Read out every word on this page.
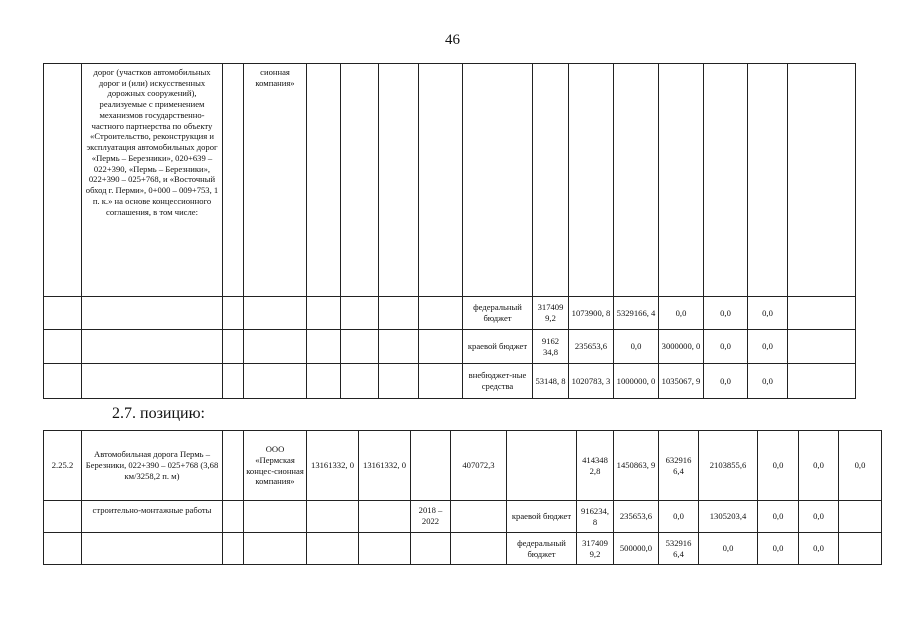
46
	дорог (участков автомобильных дорог и (или) искусственных дорожных сооружений), реализуемые с применением механизмов государственно-частного партнерства по объекту «Строительство, реконструкция и эксплуатация автомобильных дорог «Пермь – Березники», 020+639 – 022+390, «Пермь – Березники», 022+390 – 025+768, и «Восточный обход г. Перми», 0+000 – 009+753, 1 п. к.» на основе концессионного соглашения, в том числе:		сионная компания»												
								федеральный бюджет	317409 9,2	1073900, 8	5329166, 4	0,0	0,0	0,0	
								краевой бюджет	9162 34,8	235653,6	0,0	3000000, 0	0,0	0,0	
								внебюджет-ные средства	53148, 8	1020783, 3	1000000, 0	1035067, 9	0,0	0,0	
2.7. позицию:
2.25.2	Автомобильная дорога Пермь – Березники, 022+390 – 025+768 (3,68 км/3258,2 п. м)		ООО «Пермская концес-сионная компания»	13161332, 0	13161332, 0		407072,3		414348 2,8	1450863, 9	632916 6,4	2103855,6	0,0	0,0	0,0
	строительно-монтажные работы					2018 – 2022		краевой бюджет	916234, 8	235653,6	0,0	1305203,4	0,0	0,0	
								федеральный бюджет	317409 9,2	500000,0	532916 6,4	0,0	0,0	0,0	
